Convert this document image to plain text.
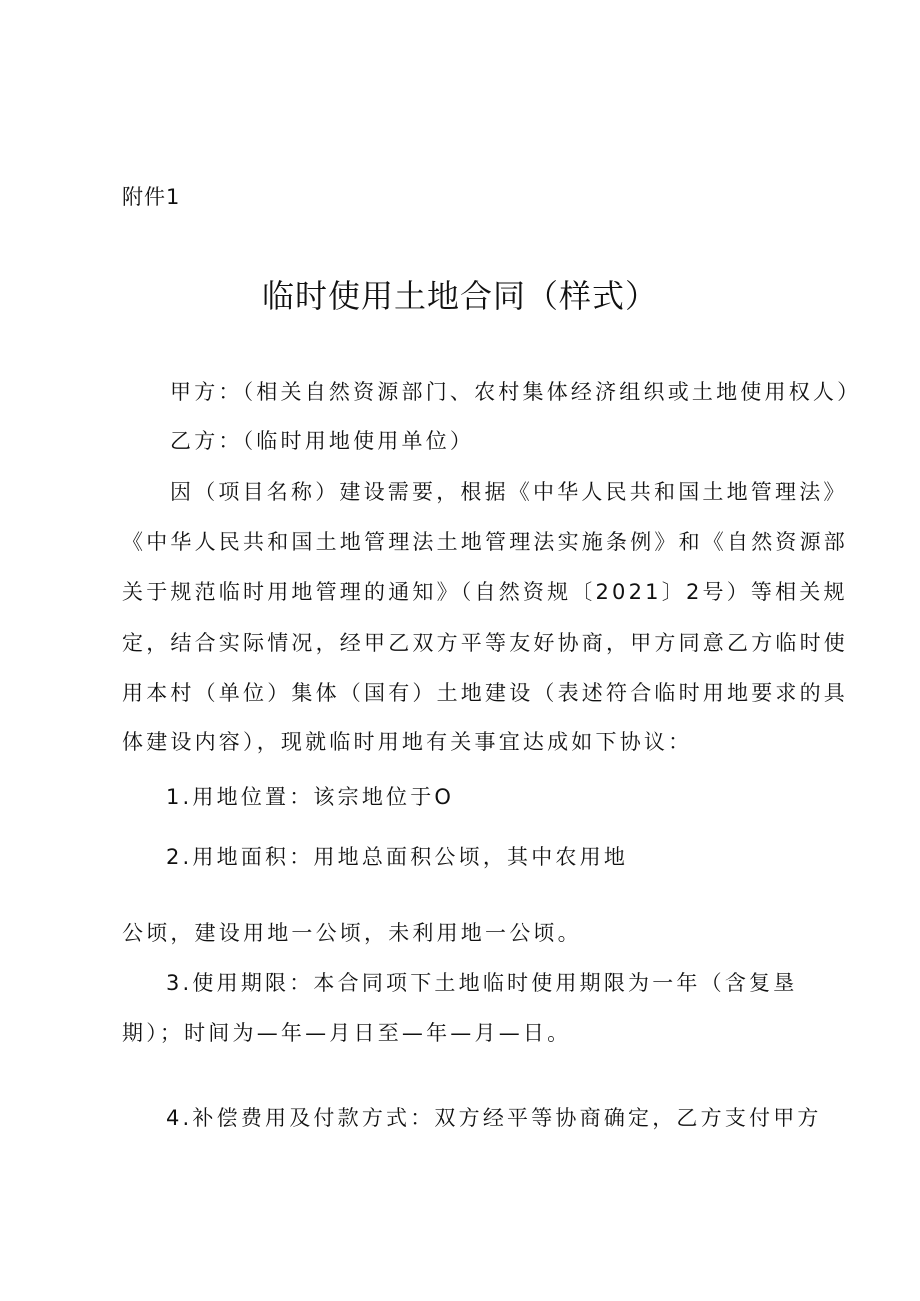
附件1
临时使用土地合同（样式）
甲方：（相关自然资源部门、农村集体经济组织或土地使用权人）
乙方：（临时用地使用单位）
因（项目名称）建设需要，根据《中华人民共和国土地管理法》
《中华人民共和国土地管理法土地管理法实施条例》和《自然资源部
关于规范临时用地管理的通知》（自然资规〔2021〕2号）等相关规
定，结合实际情况，经甲乙双方平等友好协商，甲方同意乙方临时使
用本村（单位）集体（国有）土地建设（表述符合临时用地要求的具
体建设内容），现就临时用地有关事宜达成如下协议：
1.用地位置：该宗地位于O
2.用地面积：用地总面积公顷，其中农用地
公顷，建设用地一公顷，未利用地一公顷。
3.使用期限：本合同项下土地临时使用期限为一年（含复垦
期）；时间为—年—月日至—年—月—日。
4.补偿费用及付款方式：双方经平等协商确定，乙方支付甲方
